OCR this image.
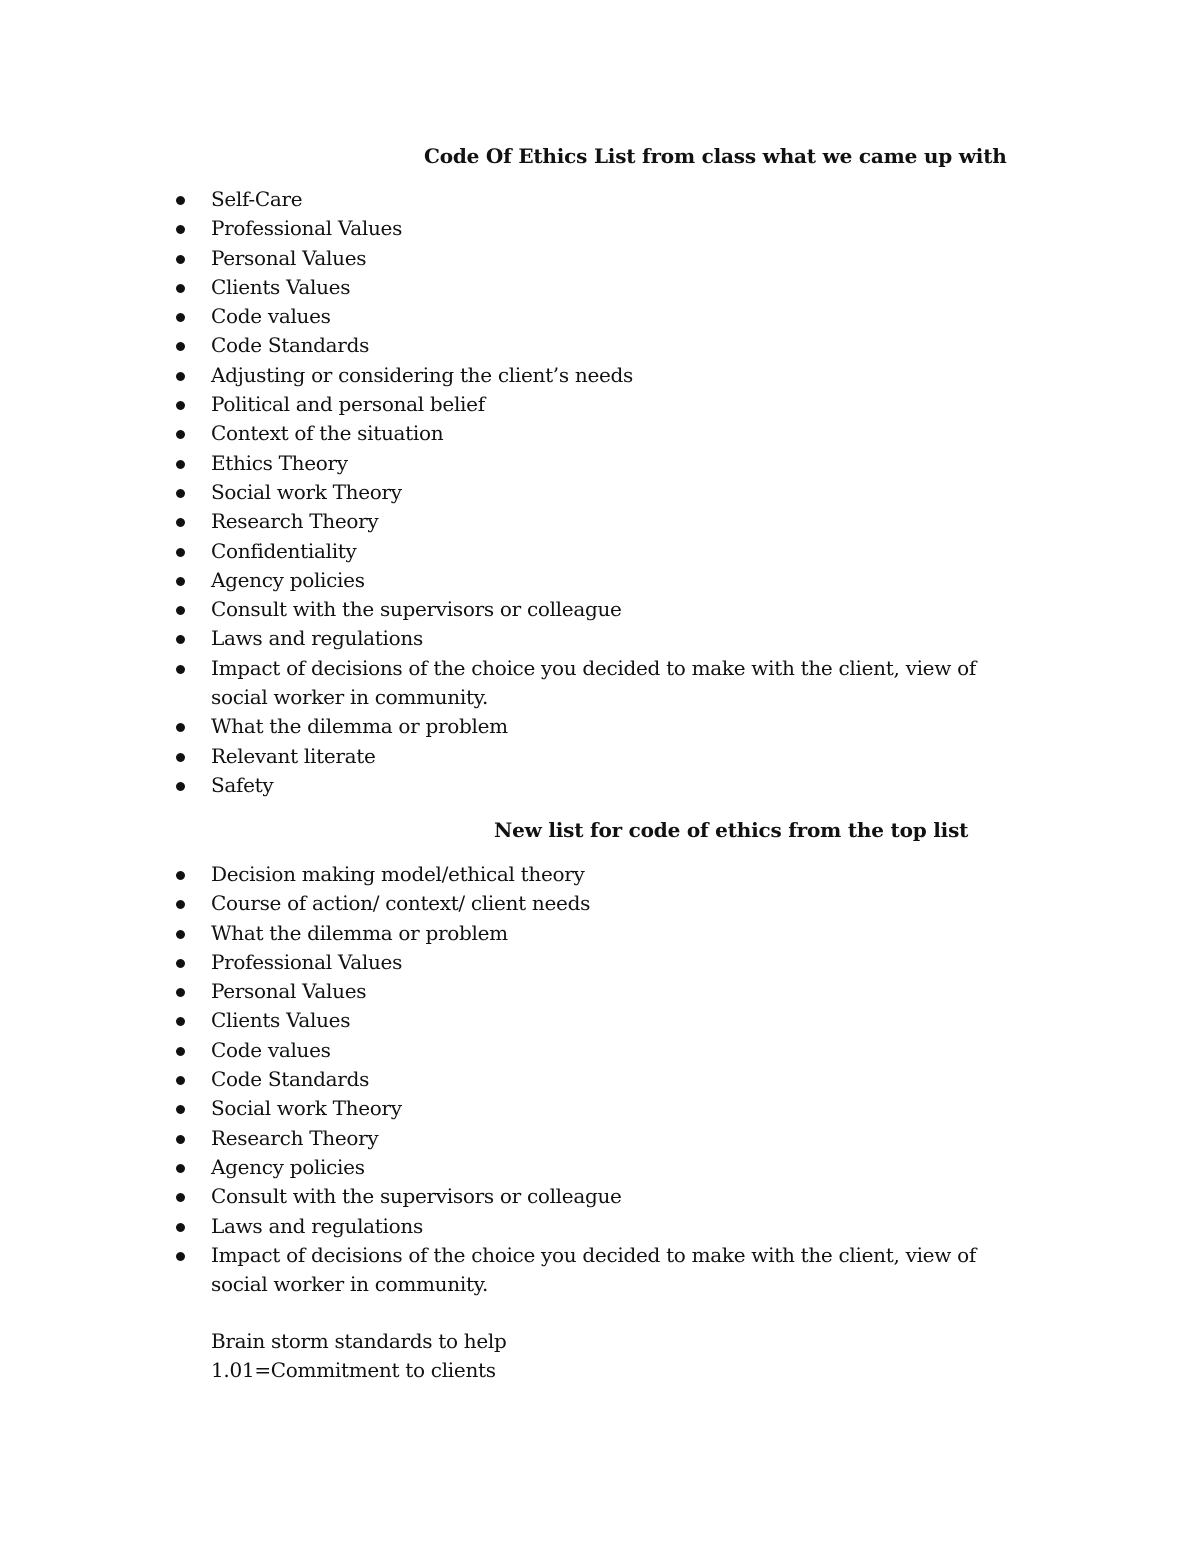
Code Of Ethics List from class what we came up with
Self-Care
Professional Values
Personal Values
Clients Values
Code values
Code Standards
Adjusting or considering the client’s needs
Political and personal belief
Context of the situation
Ethics Theory
Social work Theory
Research Theory
Confidentiality
Agency policies
Consult with the supervisors or colleague
Laws and regulations
Impact of decisions of the choice you decided to make with the client, view of social worker in community.
What the dilemma or problem
Relevant literate
Safety
New list for code of ethics from the top list
Decision making model/ethical theory
Course of action/ context/ client needs
What the dilemma or problem
Professional Values
Personal Values
Clients Values
Code values
Code Standards
Social work Theory
Research Theory
Agency policies
Consult with the supervisors or colleague
Laws and regulations
Impact of decisions of the choice you decided to make with the client, view of social worker in community.
Brain storm standards to help
1.01=Commitment to clients
